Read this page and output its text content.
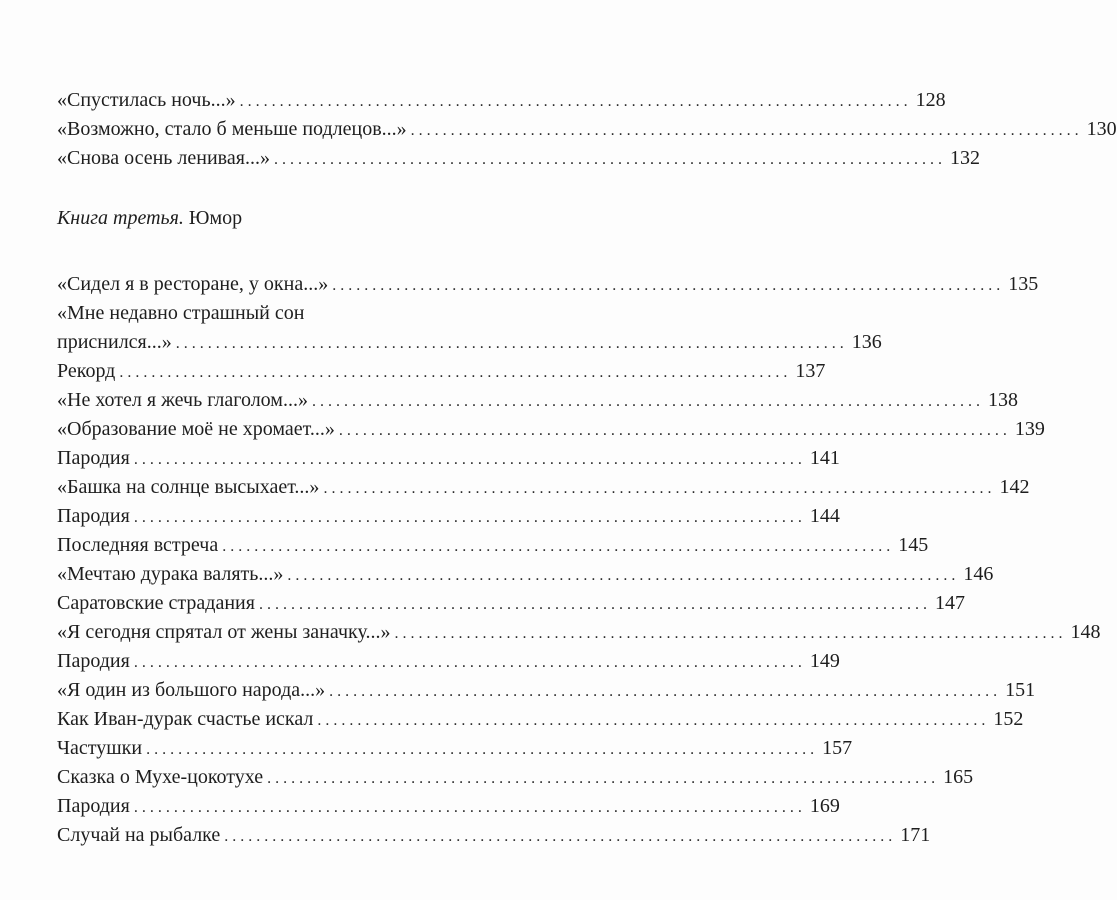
«Спустилась ночь...» .................................................................................... 128
«Возможно, стало б меньше подлецов...» .................................................................................... 130
«Снова осень ленивая...» .................................................................................... 132
Книга третья. Юмор
«Сидел я в ресторане, у окна...» .................................................................................... 135
«Мне недавно страшный сон
приснился...» .................................................................................... 136
Рекорд .................................................................................... 137
«Не хотел я жечь глаголом...» .................................................................................... 138
«Образование моё не хромает...» .................................................................................... 139
Пародия .................................................................................... 141
«Башка на солнце высыхает...» .................................................................................... 142
Пародия .................................................................................... 144
Последняя встреча .................................................................................... 145
«Мечтаю дурака валять...» .................................................................................... 146
Саратовские страдания .................................................................................... 147
«Я сегодня спрятал от жены заначку...» .................................................................................... 148
Пародия .................................................................................... 149
«Я один из большого народа...» .................................................................................... 151
Как Иван-дурак счастье искал .................................................................................... 152
Частушки .................................................................................... 157
Сказка о Мухе-цокотухе .................................................................................... 165
Пародия .................................................................................... 169
Случай на рыбалке .................................................................................... 171
